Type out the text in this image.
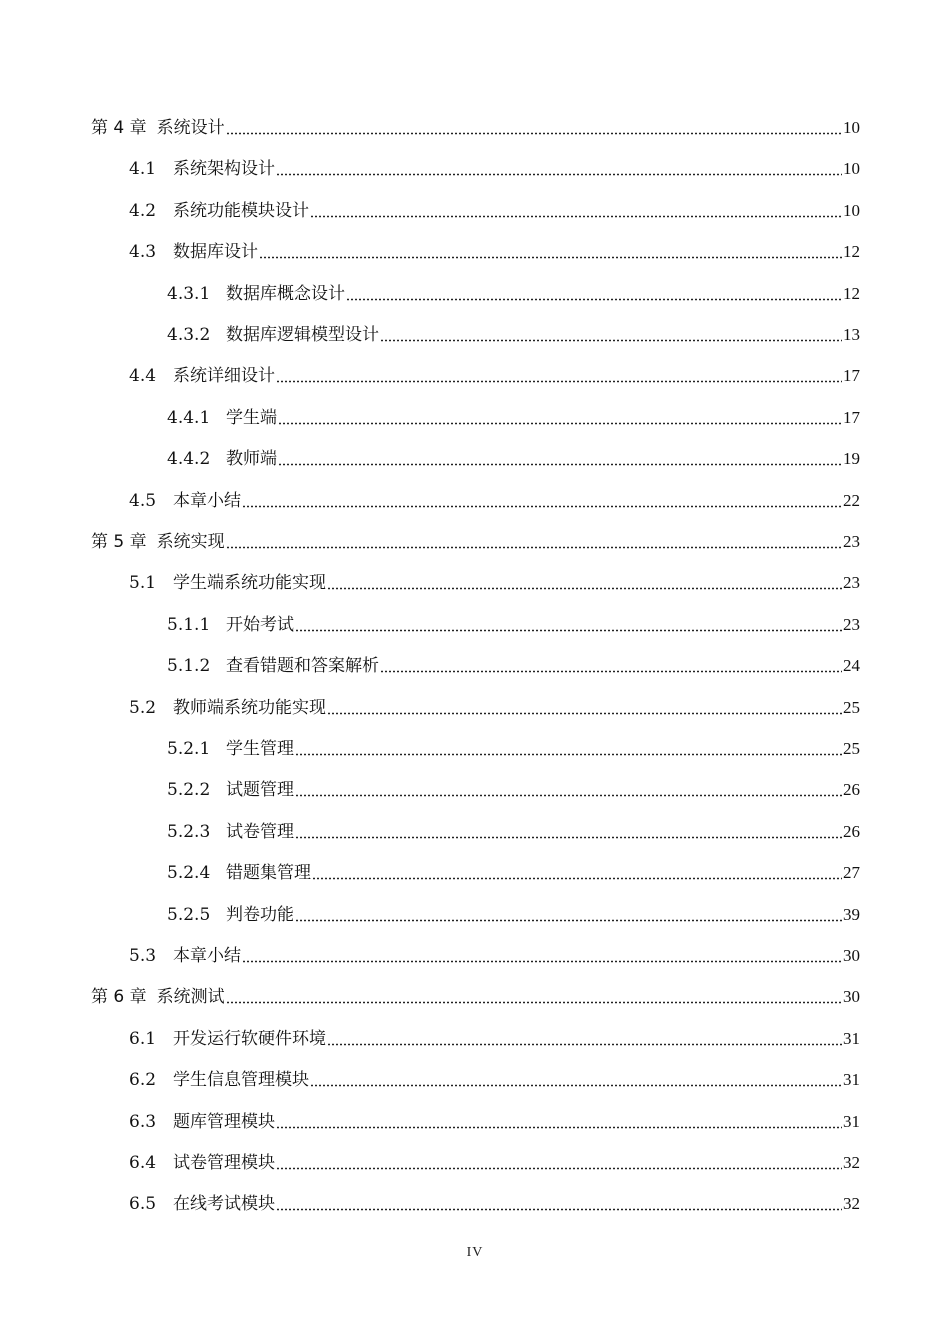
第 4 章 系统设计	10
4.1 系统架构设计	10
4.2 系统功能模块设计	10
4.3 数据库设计	12
4.3.1 数据库概念设计	12
4.3.2 数据库逻辑模型设计	13
4.4 系统详细设计	17
4.4.1 学生端	17
4.4.2 教师端	19
4.5 本章小结	22
第 5 章 系统实现	23
5.1 学生端系统功能实现	23
5.1.1 开始考试	23
5.1.2 查看错题和答案解析	24
5.2 教师端系统功能实现	25
5.2.1 学生管理	25
5.2.2 试题管理	26
5.2.3 试卷管理	26
5.2.4 错题集管理	27
5.2.5 判卷功能	39
5.3 本章小结	30
第 6 章 系统测试	30
6.1 开发运行软硬件环境	31
6.2 学生信息管理模块	31
6.3 题库管理模块	31
6.4 试卷管理模块	32
6.5 在线考试模块	32
IV
